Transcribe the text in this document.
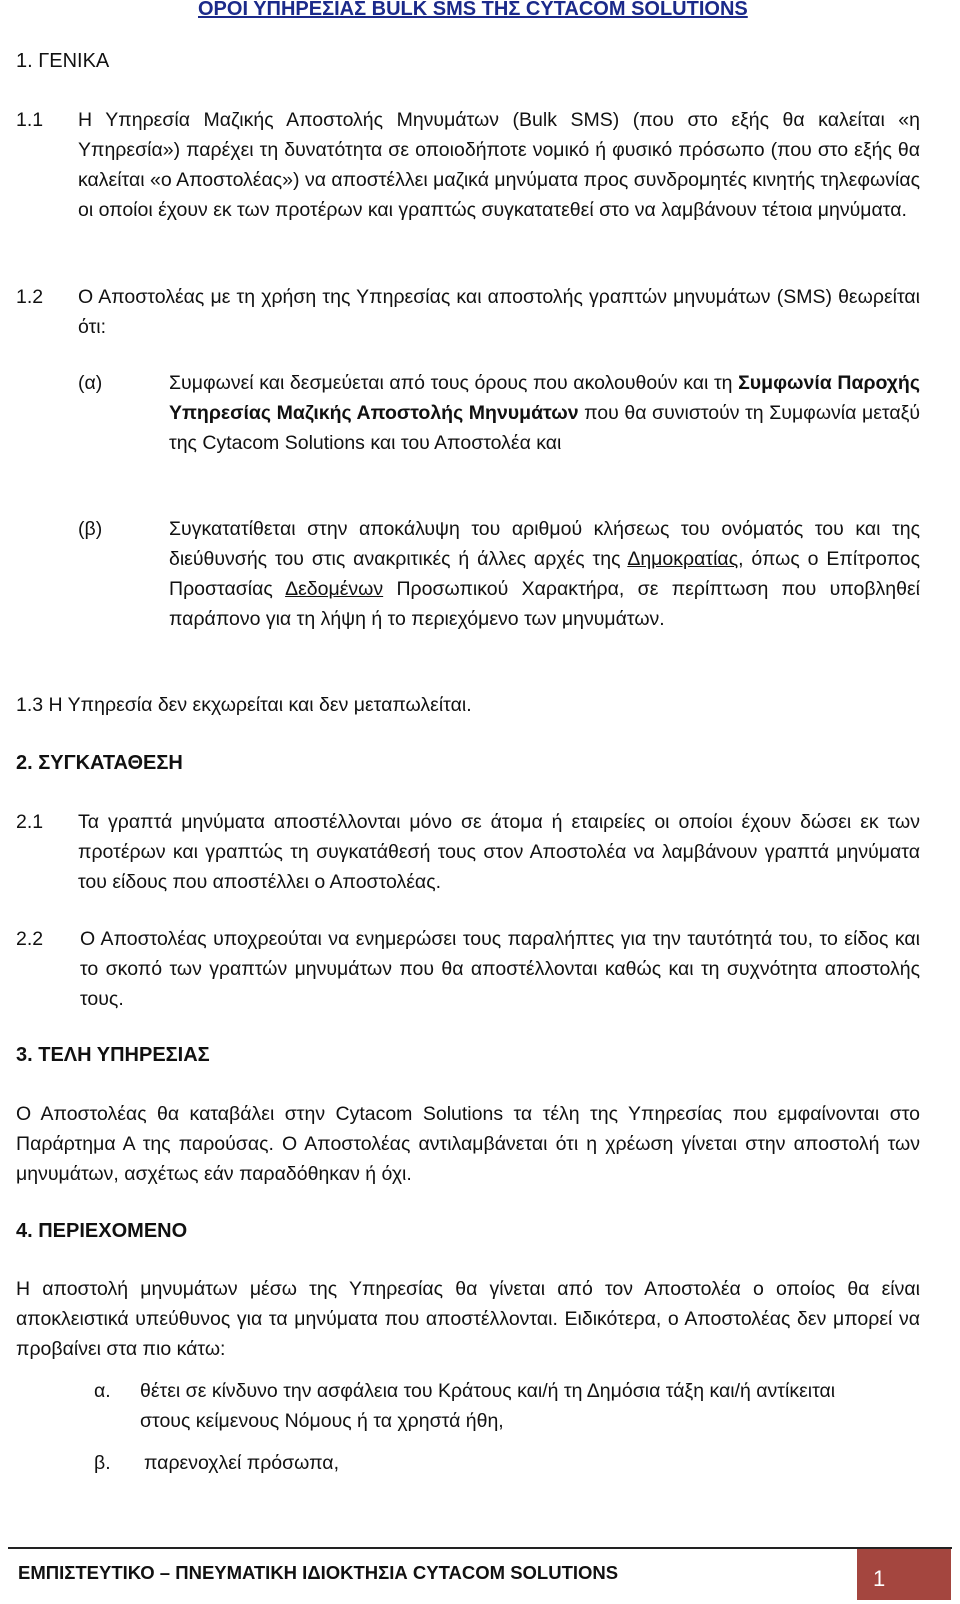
ΟΡΟΙ ΥΠΗΡΕΣΙΑΣ BULK SMS ΤΗΣ CYTACOM SOLUTIONS
1. ΓΕΝΙΚΑ
1.1 Η Υπηρεσία Μαζικής Αποστολής Μηνυμάτων (Bulk SMS) (που στο εξής θα καλείται «η Υπηρεσία») παρέχει τη δυνατότητα σε οποιοδήποτε νομικό ή φυσικό πρόσωπο (που στο εξής θα καλείται «ο Αποστολέας») να αποστέλλει μαζικά μηνύματα προς συνδρομητές κινητής τηλεφωνίας οι οποίοι έχουν εκ των προτέρων και γραπτώς συγκατατεθεί στο να λαμβάνουν τέτοια μηνύματα.
1.2 Ο Αποστολέας με τη χρήση της Υπηρεσίας και αποστολής γραπτών μηνυμάτων (SMS) θεωρείται ότι:
(α)	Συμφωνεί και δεσμεύεται από τους όρους που ακολουθούν και τη Συμφωνία Παροχής Υπηρεσίας Μαζικής Αποστολής Μηνυμάτων που θα συνιστούν τη Συμφωνία μεταξύ της Cytacom Solutions και του Αποστολέα και
(β)	Συγκατατίθεται στην αποκάλυψη του αριθμού κλήσεως του ονόματός του και της διεύθυνσής του στις ανακριτικές ή άλλες αρχές της Δημοκρατίας, όπως ο Επίτροπος Προστασίας Δεδομένων Προσωπικού Χαρακτήρα, σε περίπτωση που υποβληθεί παράπονο για τη λήψη ή το περιεχόμενο των μηνυμάτων.
1.3 Η Υπηρεσία δεν εκχωρείται και δεν μεταπωλείται.
2. ΣΥΓΚΑΤΑΘΕΣΗ
2.1 Τα γραπτά μηνύματα αποστέλλονται μόνο σε άτομα ή εταιρείες οι οποίοι έχουν δώσει εκ των προτέρων και γραπτώς τη συγκατάθεσή τους στον Αποστολέα να λαμβάνουν γραπτά μηνύματα του είδους που αποστέλλει ο Αποστολέας.
2.2 Ο Αποστολέας υποχρεούται να ενημερώσει τους παραλήπτες για την ταυτότητά του, το είδος και το σκοπό των γραπτών μηνυμάτων που θα αποστέλλονται καθώς και τη συχνότητα αποστολής τους.
3. ΤΕΛΗ ΥΠΗΡΕΣΙΑΣ
Ο Αποστολέας θα καταβάλει στην Cytacom Solutions τα τέλη της Υπηρεσίας που εμφαίνονται στο Παράρτημα Α της παρούσας. Ο Αποστολέας αντιλαμβάνεται ότι η χρέωση γίνεται στην αποστολή των μηνυμάτων, ασχέτως εάν παραδόθηκαν ή όχι.
4. ΠΕΡΙΕΧΟΜΕΝΟ
Η αποστολή μηνυμάτων μέσω της Υπηρεσίας θα γίνεται από τον Αποστολέα ο οποίος θα είναι αποκλειστικά υπεύθυνος για τα μηνύματα που αποστέλλονται. Ειδικότερα, ο Αποστολέας δεν μπορεί να προβαίνει στα πιο κάτω:
α. θέτει σε κίνδυνο την ασφάλεια του Κράτους και/ή τη Δημόσια τάξη και/ή αντίκειται στους κείμενους Νόμους ή τα χρηστά ήθη,
β. παρενοχλεί πρόσωπα,
ΕΜΠΙΣΤΕΥΤΙΚΟ – ΠΝΕΥΜΑΤΙΚΗ ΙΔΙΟΚΤΗΣΙΑ CYTACOM SOLUTIONS	1
